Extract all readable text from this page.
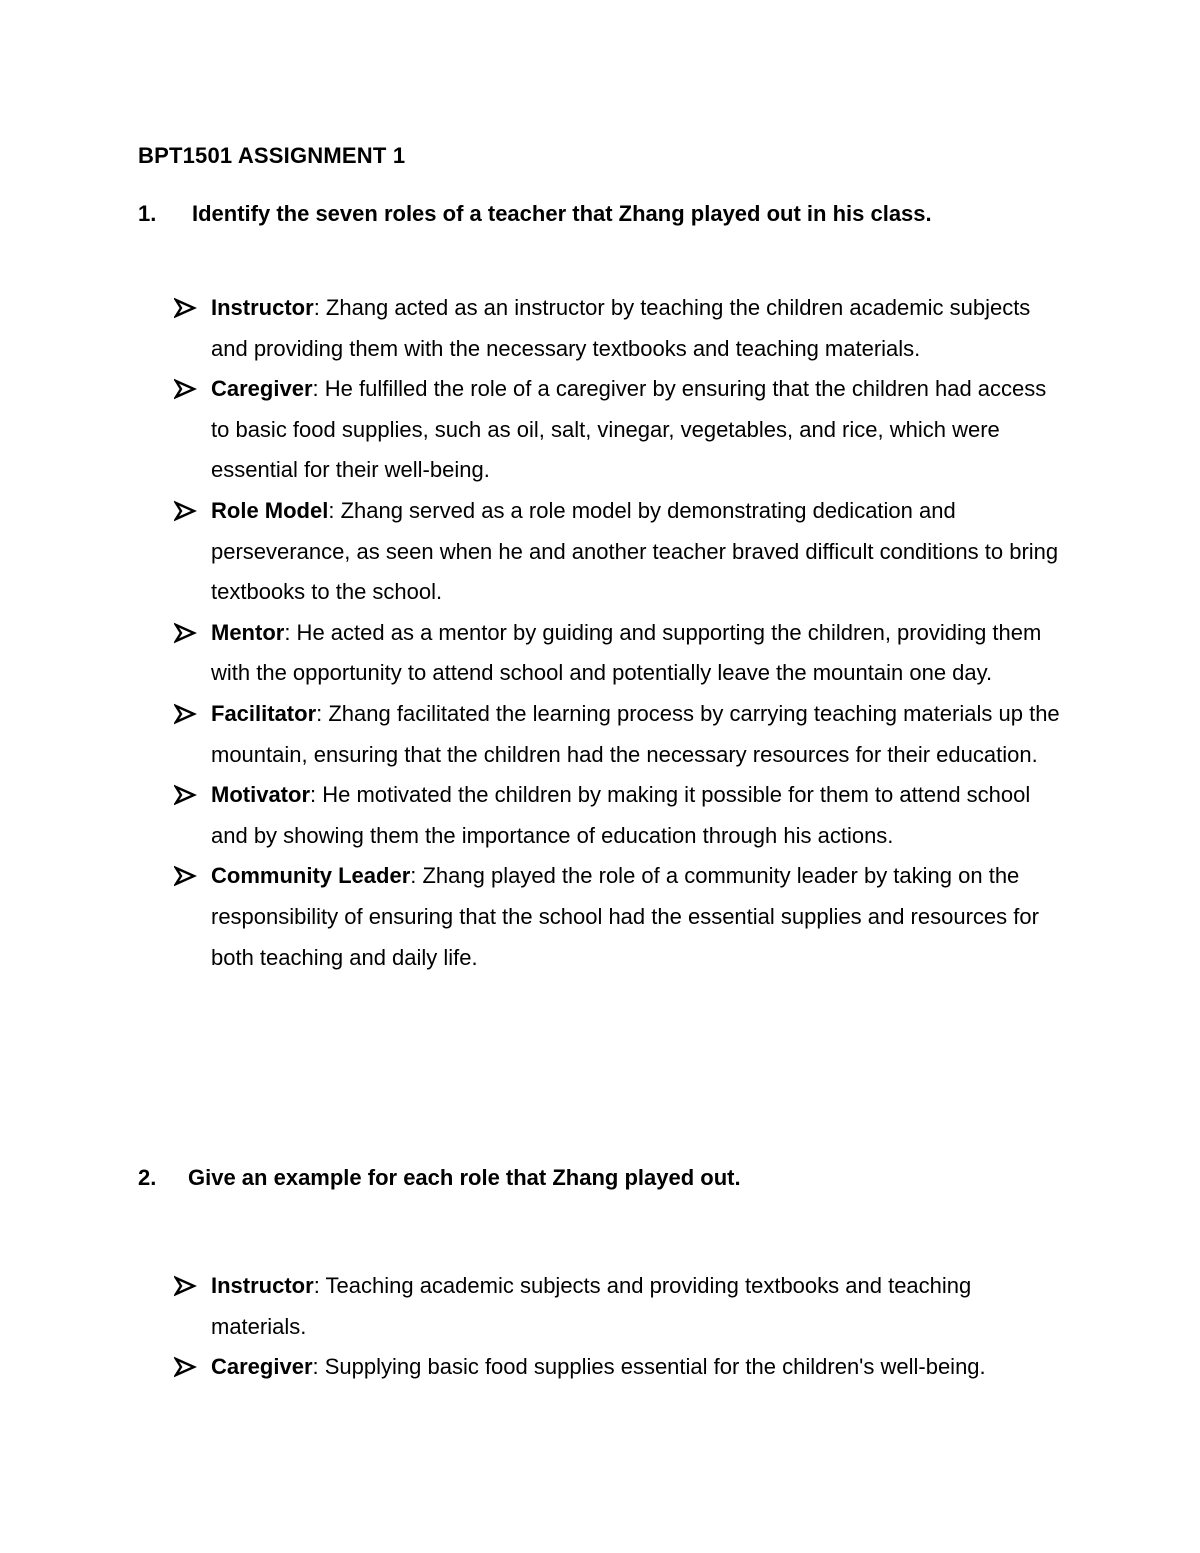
BPT1501 ASSIGNMENT 1
1. Identify the seven roles of a teacher that Zhang played out in his class.
Instructor: Zhang acted as an instructor by teaching the children academic subjects and providing them with the necessary textbooks and teaching materials.
Caregiver: He fulfilled the role of a caregiver by ensuring that the children had access to basic food supplies, such as oil, salt, vinegar, vegetables, and rice, which were essential for their well-being.
Role Model: Zhang served as a role model by demonstrating dedication and perseverance, as seen when he and another teacher braved difficult conditions to bring textbooks to the school.
Mentor: He acted as a mentor by guiding and supporting the children, providing them with the opportunity to attend school and potentially leave the mountain one day.
Facilitator: Zhang facilitated the learning process by carrying teaching materials up the mountain, ensuring that the children had the necessary resources for their education.
Motivator: He motivated the children by making it possible for them to attend school and by showing them the importance of education through his actions.
Community Leader: Zhang played the role of a community leader by taking on the responsibility of ensuring that the school had the essential supplies and resources for both teaching and daily life.
2. Give an example for each role that Zhang played out.
Instructor: Teaching academic subjects and providing textbooks and teaching materials.
Caregiver: Supplying basic food supplies essential for the children's well-being.
